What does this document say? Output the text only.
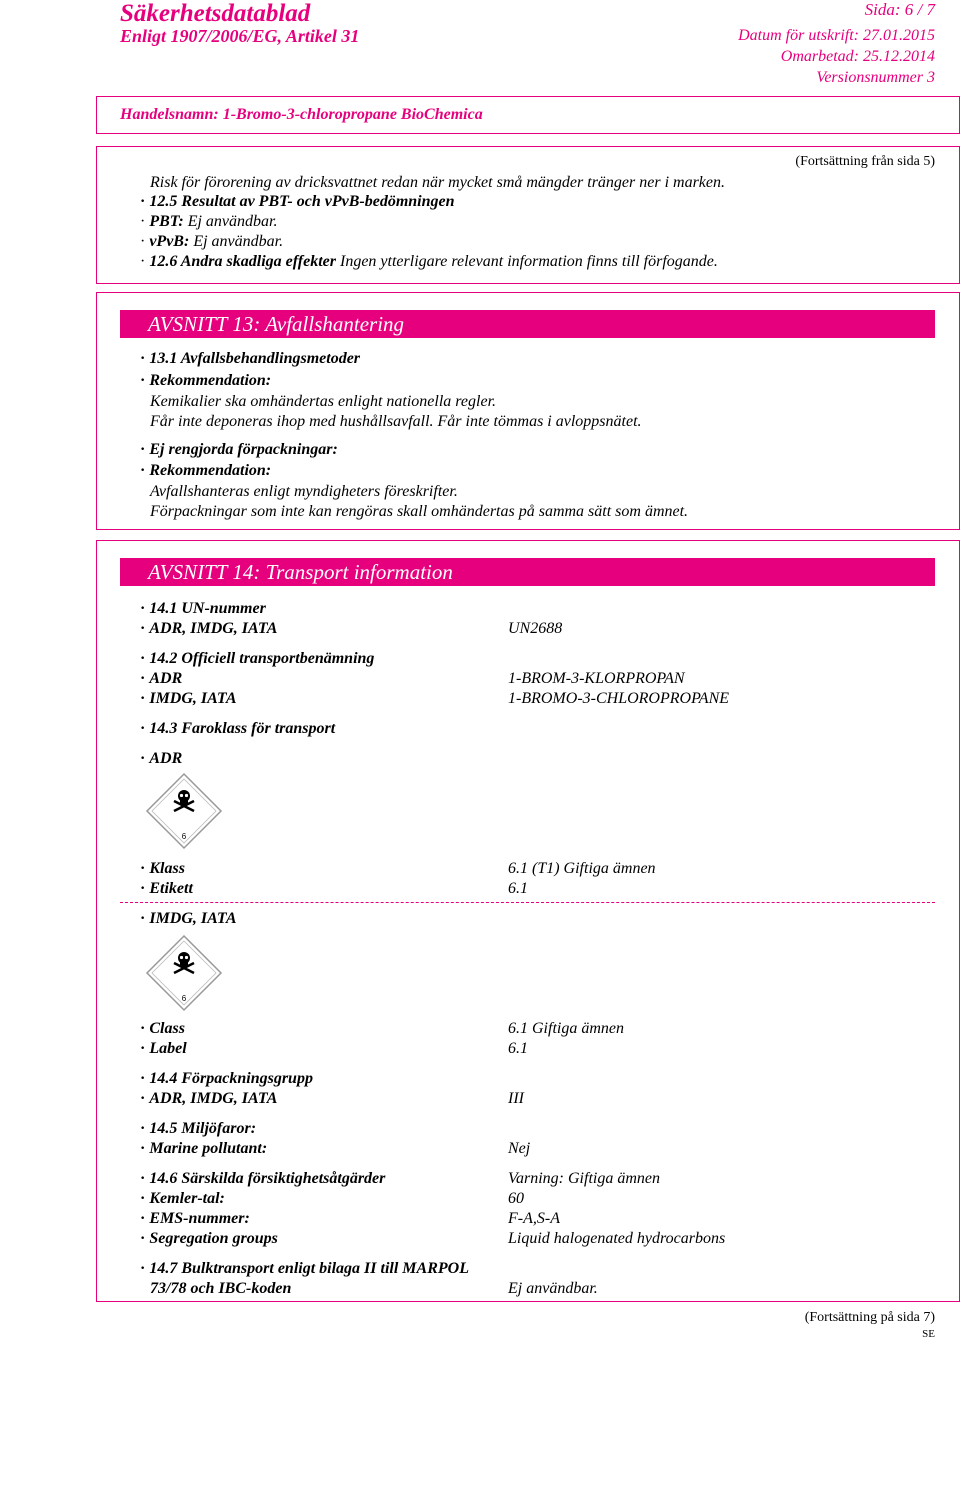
Säkerhetsdatablad
Enligt 1907/2006/EG, Artikel 31
Sida: 6 / 7
Datum för utskrift: 27.01.2015
Omarbetad: 25.12.2014
Versionsnummer 3
Handelsnamn: 1-Bromo-3-chloropropane BioChemica
(Fortsättning från sida 5)
Risk för förorening av dricksvattnet redan när mycket små mängder tränger ner i marken.
· 12.5 Resultat av PBT- och vPvB-bedömningen
· PBT: Ej användbar.
· vPvB: Ej användbar.
· 12.6 Andra skadliga effekter Ingen ytterligare relevant information finns till förfogande.
AVSNITT 13: Avfallshantering
· 13.1 Avfallsbehandlingsmetoder
· Rekommendation:
Kemikalier ska omhändertas enlight nationella regler.
Får inte deponeras ihop med hushållsavfall. Får inte tömmas i avloppsnätet.
· Ej rengjorda förpackningar:
· Rekommendation:
Avfallshanteras enligt myndigheters föreskrifter.
Förpackningar som inte kan rengöras skall omhändertas på samma sätt som ämnet.
AVSNITT 14: Transport information
· 14.1 UN-nummer
· ADR, IMDG, IATA	UN2688
· 14.2 Officiell transportbenämning
· ADR	1-BROM-3-KLORPROPAN
· IMDG, IATA	1-BROMO-3-CHLOROPROPANE
· 14.3 Faroklass för transport
· ADR
6
· Klass	6.1 (T1) Giftiga ämnen
· Etikett	6.1
· IMDG, IATA
6
· Class	6.1 Giftiga ämnen
· Label	6.1
· 14.4 Förpackningsgrupp
· ADR, IMDG, IATA	III
· 14.5 Miljöfaror:
· Marine pollutant:	Nej
· 14.6 Särskilda försiktighetsåtgärder	Varning: Giftiga ämnen
· Kemler-tal:	60
· EMS-nummer:	F-A,S-A
· Segregation groups	Liquid halogenated hydrocarbons
· 14.7 Bulktransport enligt bilaga II till MARPOL
73/78 och IBC-koden	Ej användbar.
(Fortsättning på sida 7)
SE
